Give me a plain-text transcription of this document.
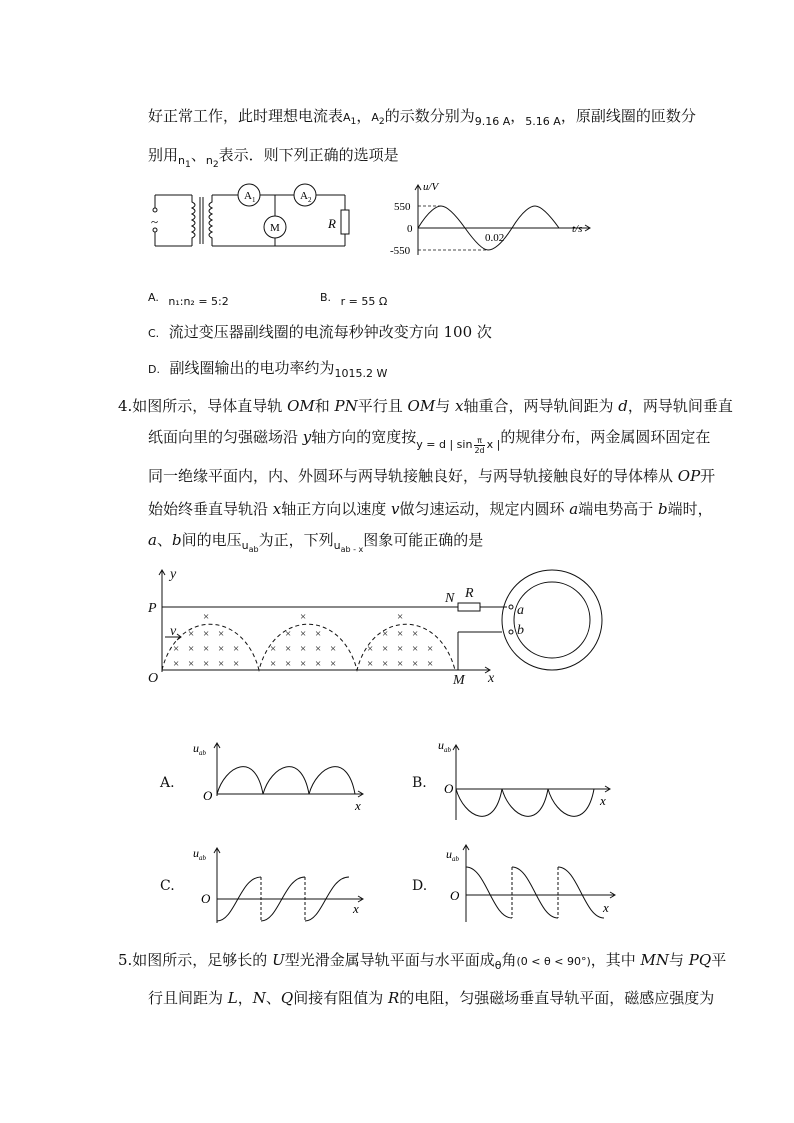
好正常工作，此时理想电流表$A_1$，$A_2$的示数分别为$_{9.16 A}$，$_{5.16 A}$，原副线圈的匝数分
别用$_{n_1}$、$_{n_2}$表示．则下列正确的选项是
~
$A_1$	$A_2$
M	R
u/V
t/s
550
0
-550
0.02
A. $_{n_1:n_2 = 5:2}$	B. $_{r = 55 \Omega}$
C. 流过变压器副线圈的电流每秒钟改变方向 100 次
D. 副线圈输出的电功率约为$_{1015.2 W}$
4.如图所示，导体直导轨 OM和 PN平行且 OM与 x轴重合，两导轨间距为 d，两导轨间垂直
纸面向里的匀强磁场沿 y轴方向的宽度按$_{y = d | sin \frac{\pi}{2d} x |}$的规律分布，两金属圆环固定在
同一绝缘平面内，内、外圆环与两导轨接触良好，与两导轨接触良好的导体棒从 OP开
始始终垂直导轨沿 x轴正方向以速度 v做匀速运动，规定内圆环 a端电势高于 b端时，
a、b间的电压$_{u_{ab}}$为正，下列$_{u_{ab - x}}$图象可能正确的是
×
× × ×
× × × × ×
× × × × ×
×
× × ×
× × × × ×
× × × × ×
×
× × ×
× × × × ×
× × × × ×
y
P
v
O
N R
a
b
M x
A.
$u_{ab}$
O
x
B.
$u_{ab}$
O
x
C.
$u_{ab}$
O
x
D.
$u_{ab}$
O
x
5.如图所示，足够长的 U型光滑金属导轨平面与水平面成$_\theta$角(0 < θ < 90°)，其中 MN与 PQ平
行且间距为 L，N、Q间接有阻值为 R的电阻，匀强磁场垂直导轨平面，磁感应强度为
